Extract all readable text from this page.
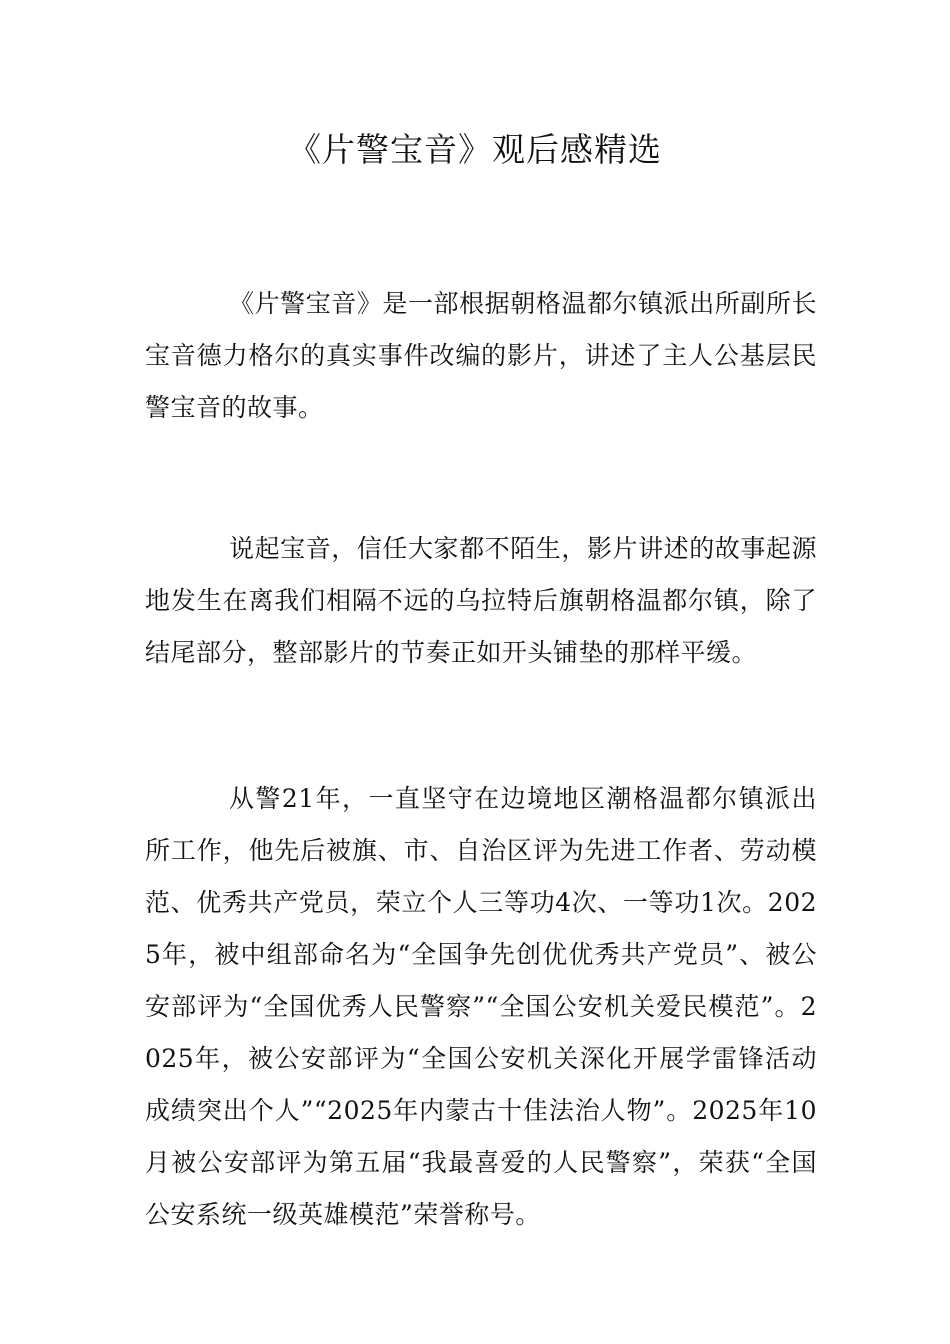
《片警宝音》观后感精选

《片警宝音》是一部根据朝格温都尔镇派出所副所长宝音德力格尔的真实事件改编的影片，讲述了主人公基层民警宝音的故事。

说起宝音，信任大家都不陌生，影片讲述的故事起源地发生在离我们相隔不远的乌拉特后旗朝格温都尔镇，除了结尾部分，整部影片的节奏正如开头铺垫的那样平缓。

从警21年，一直坚守在边境地区潮格温都尔镇派出所工作，他先后被旗、市、自治区评为先进工作者、劳动模范、优秀共产党员，荣立个人三等功4次、一等功1次。2025年，被中组部命名为“全国争先创优优秀共产党员”、被公安部评为“全国优秀人民警察”“全国公安机关爱民模范”。2025年，被公安部评为“全国公安机关深化开展学雷锋活动成绩突出个人”“2025年内蒙古十佳法治人物”。2025年10月被公安部评为第五届“我最喜爱的人民警察”，荣获“全国公安系统一级英雄模范”荣誉称号。
